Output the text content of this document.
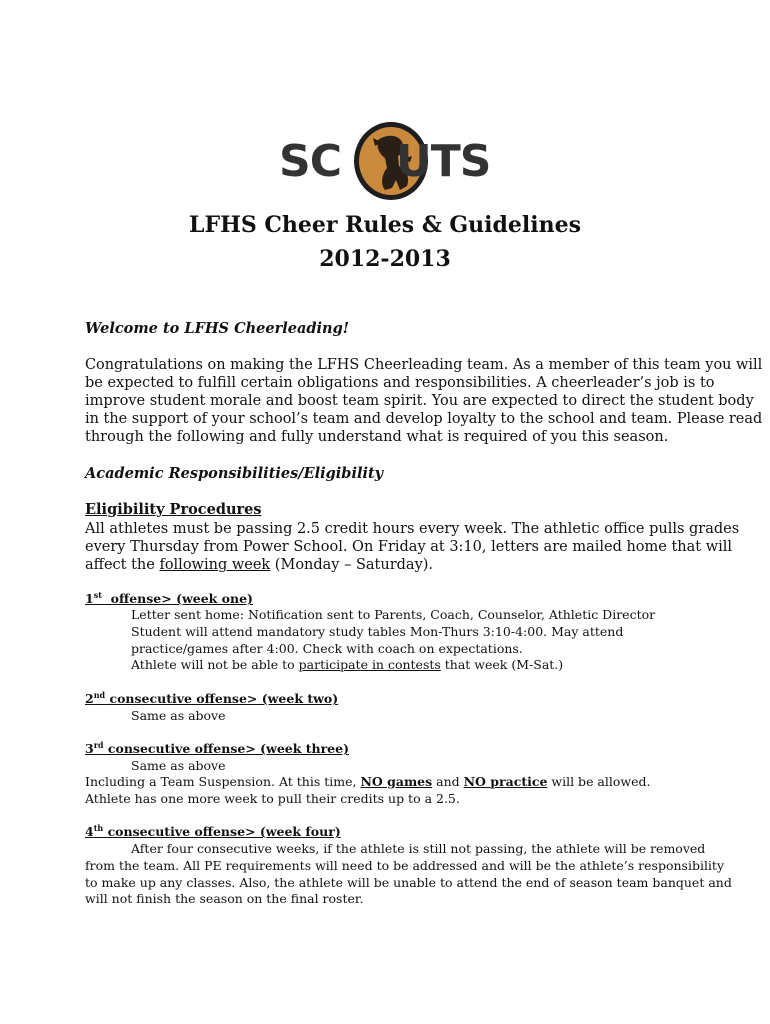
SC UTS
LFHS Cheer Rules & Guidelines
2012-2013
Welcome to LFHS Cheerleading!
Congratulations on making the LFHS Cheerleading team. As a member of this team you will
be expected to fulfill certain obligations and responsibilities. A cheerleader’s job is to
improve student morale and boost team spirit. You are expected to direct the student body
in the support of your school’s team and develop loyalty to the school and team. Please read
through the following and fully understand what is required of you this season.
Academic Responsibilities/Eligibility
Eligibility Procedures
All athletes must be passing 2.5 credit hours every week. The athletic office pulls grades
every Thursday from Power School. On Friday at 3:10, letters are mailed home that will
affect the following week (Monday – Saturday).
1st  offense> (week one)
Letter sent home: Notification sent to Parents, Coach, Counselor, Athletic Director
Student will attend mandatory study tables Mon-Thurs 3:10-4:00. May attend
practice/games after 4:00. Check with coach on expectations.
Athlete will not be able to participate in contests that week (M-Sat.)
2nd consecutive offense> (week two)
Same as above
3rd consecutive offense> (week three)
Same as above
Including a Team Suspension. At this time, NO games and NO practice will be allowed.
Athlete has one more week to pull their credits up to a 2.5.
4th consecutive offense> (week four)
After four consecutive weeks, if the athlete is still not passing, the athlete will be removed
from the team. All PE requirements will need to be addressed and will be the athlete’s responsibility
to make up any classes. Also, the athlete will be unable to attend the end of season team banquet and
will not finish the season on the final roster.
